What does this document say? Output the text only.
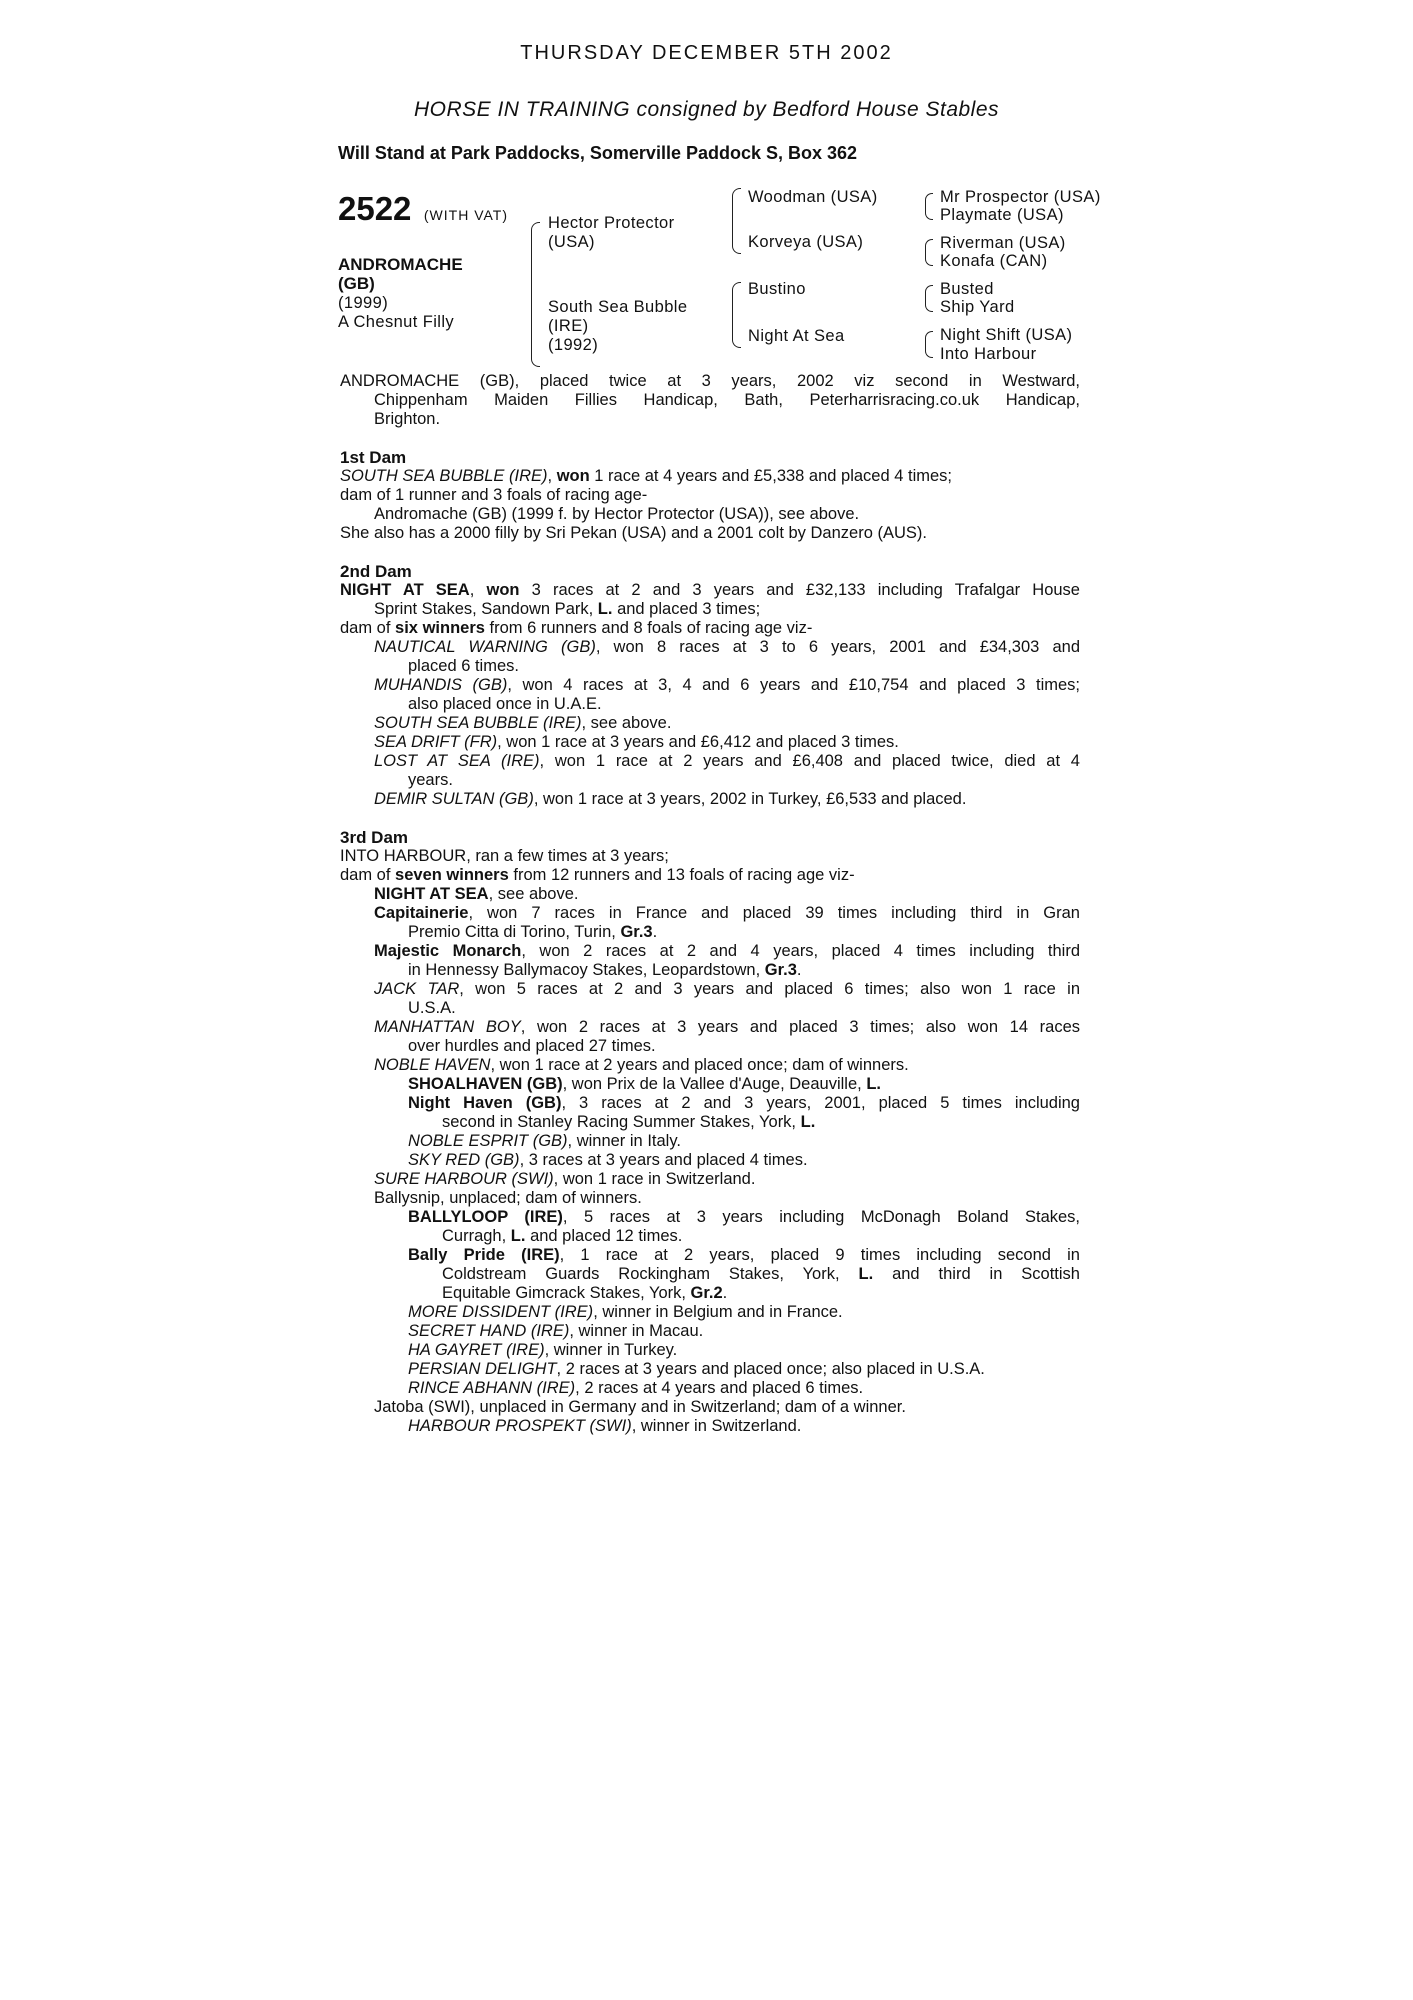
THURSDAY DECEMBER 5TH 2002
HORSE IN TRAINING consigned by Bedford House Stables
Will Stand at Park Paddocks, Somerville Paddock S, Box 362
2522 (WITH VAT)
ANDROMACHE
(GB)
(1999)
A Chesnut Filly
Hector Protector
(USA)
South Sea Bubble
(IRE)
(1992)
Woodman (USA)
Korveya (USA)
Bustino
Night At Sea
Mr Prospector (USA)
Playmate (USA)
Riverman (USA)
Konafa (CAN)
Busted
Ship Yard
Night Shift (USA)
Into Harbour
ANDROMACHE (GB), placed twice at 3 years, 2002 viz second in Westward,
Chippenham Maiden Fillies Handicap, Bath, Peterharrisracing.co.uk Handicap,
Brighton.
1st Dam
SOUTH SEA BUBBLE (IRE), won 1 race at 4 years and £5,338 and placed 4 times;
dam of 1 runner and 3 foals of racing age-
Andromache (GB) (1999 f. by Hector Protector (USA)), see above.
She also has a 2000 filly by Sri Pekan (USA) and a 2001 colt by Danzero (AUS).
2nd Dam
NIGHT AT SEA, won 3 races at 2 and 3 years and £32,133 including Trafalgar House
Sprint Stakes, Sandown Park, L. and placed 3 times;
dam of six winners from 6 runners and 8 foals of racing age viz-
NAUTICAL WARNING (GB), won 8 races at 3 to 6 years, 2001 and £34,303 and
placed 6 times.
MUHANDIS (GB), won 4 races at 3, 4 and 6 years and £10,754 and placed 3 times;
also placed once in U.A.E.
SOUTH SEA BUBBLE (IRE), see above.
SEA DRIFT (FR), won 1 race at 3 years and £6,412 and placed 3 times.
LOST AT SEA (IRE), won 1 race at 2 years and £6,408 and placed twice, died at 4
years.
DEMIR SULTAN (GB), won 1 race at 3 years, 2002 in Turkey, £6,533 and placed.
3rd Dam
INTO HARBOUR, ran a few times at 3 years;
dam of seven winners from 12 runners and 13 foals of racing age viz-
NIGHT AT SEA, see above.
Capitainerie, won 7 races in France and placed 39 times including third in Gran
Premio Citta di Torino, Turin, Gr.3.
Majestic Monarch, won 2 races at 2 and 4 years, placed 4 times including third
in Hennessy Ballymacoy Stakes, Leopardstown, Gr.3.
JACK TAR, won 5 races at 2 and 3 years and placed 6 times; also won 1 race in
U.S.A.
MANHATTAN BOY, won 2 races at 3 years and placed 3 times; also won 14 races
over hurdles and placed 27 times.
NOBLE HAVEN, won 1 race at 2 years and placed once; dam of winners.
SHOALHAVEN (GB), won Prix de la Vallee d'Auge, Deauville, L.
Night Haven (GB), 3 races at 2 and 3 years, 2001, placed 5 times including
second in Stanley Racing Summer Stakes, York, L.
NOBLE ESPRIT (GB), winner in Italy.
SKY RED (GB), 3 races at 3 years and placed 4 times.
SURE HARBOUR (SWI), won 1 race in Switzerland.
Ballysnip, unplaced; dam of winners.
BALLYLOOP (IRE), 5 races at 3 years including McDonagh Boland Stakes,
Curragh, L. and placed 12 times.
Bally Pride (IRE), 1 race at 2 years, placed 9 times including second in
Coldstream Guards Rockingham Stakes, York, L. and third in Scottish
Equitable Gimcrack Stakes, York, Gr.2.
MORE DISSIDENT (IRE), winner in Belgium and in France.
SECRET HAND (IRE), winner in Macau.
HA GAYRET (IRE), winner in Turkey.
PERSIAN DELIGHT, 2 races at 3 years and placed once; also placed in U.S.A.
RINCE ABHANN (IRE), 2 races at 4 years and placed 6 times.
Jatoba (SWI), unplaced in Germany and in Switzerland; dam of a winner.
HARBOUR PROSPEKT (SWI), winner in Switzerland.
